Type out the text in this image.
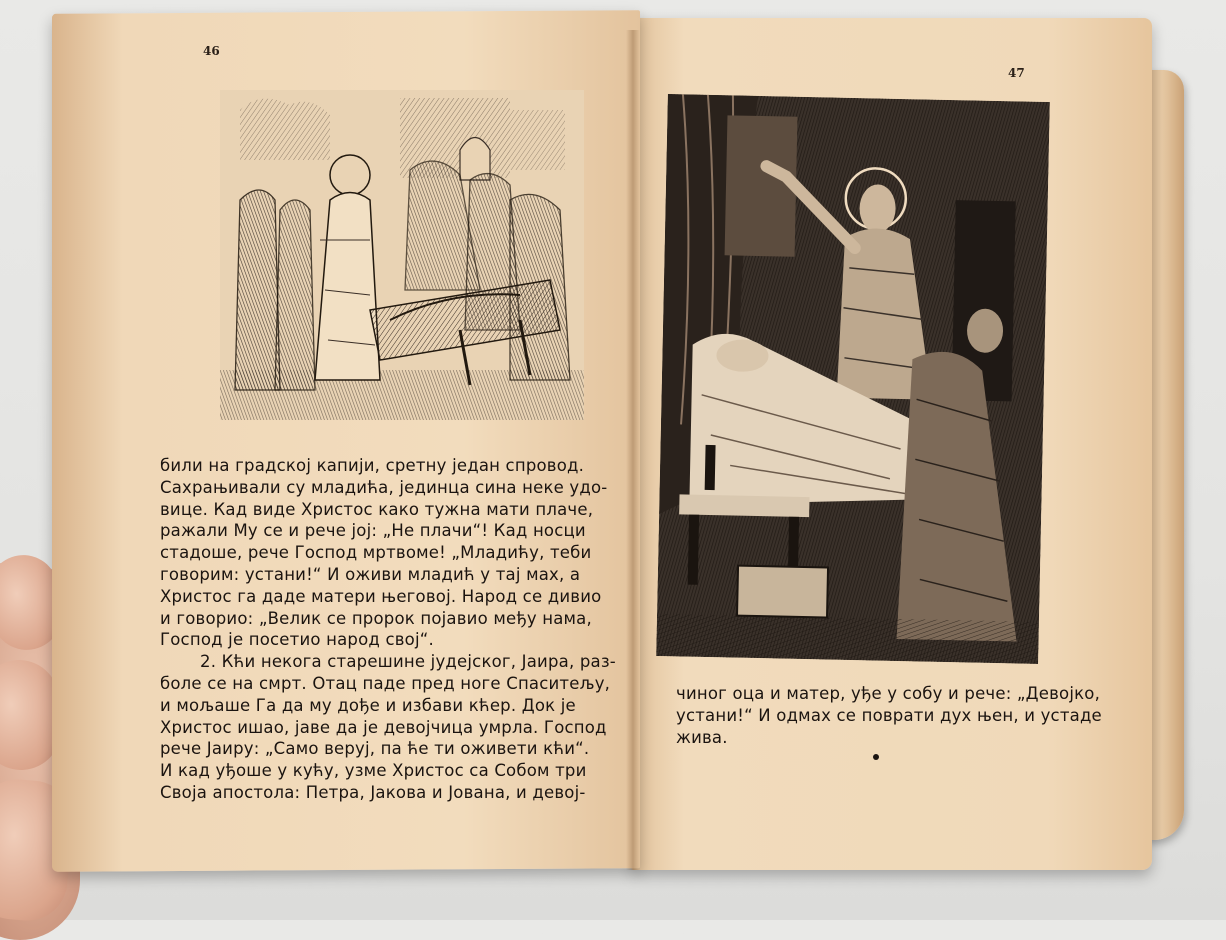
46
47
били на градској капији, сретну један спровод.
Сахрањивали су младића, јединца сина неке удо-
вице. Кад виде Христос како тужна мати плаче,
ражали Му се и рече јој: „Не плачи“! Кад носци
стадоше, рече Господ мртвоме! „Младићу, теби
говорим: устани!“ И оживи младић у тај мах, а
Христос га даде матери његовој. Народ се дивио
и говорио: „Велик се пророк појавио међу нама,
Господ је посетио народ свој“.
2. Кћи некога старешине јудејског, Јаира, раз-
боле се на смрт. Отац паде пред ноге Спаситељу,
и мољаше Га да му дође и избави кћер. Док је
Христос ишао, јаве да је девојчица умрла. Господ
рече Јаиру: „Само веруј, па ће ти оживети кћи“.
И кад уђоше у кућу, узме Христос са Собом три
Своја апостола: Петра, Јакова и Јована, и девој-
чиног оца и матер, уђе у собу и рече: „Девојко,
устани!“ И одмах се поврати дух њен, и устаде
жива.
